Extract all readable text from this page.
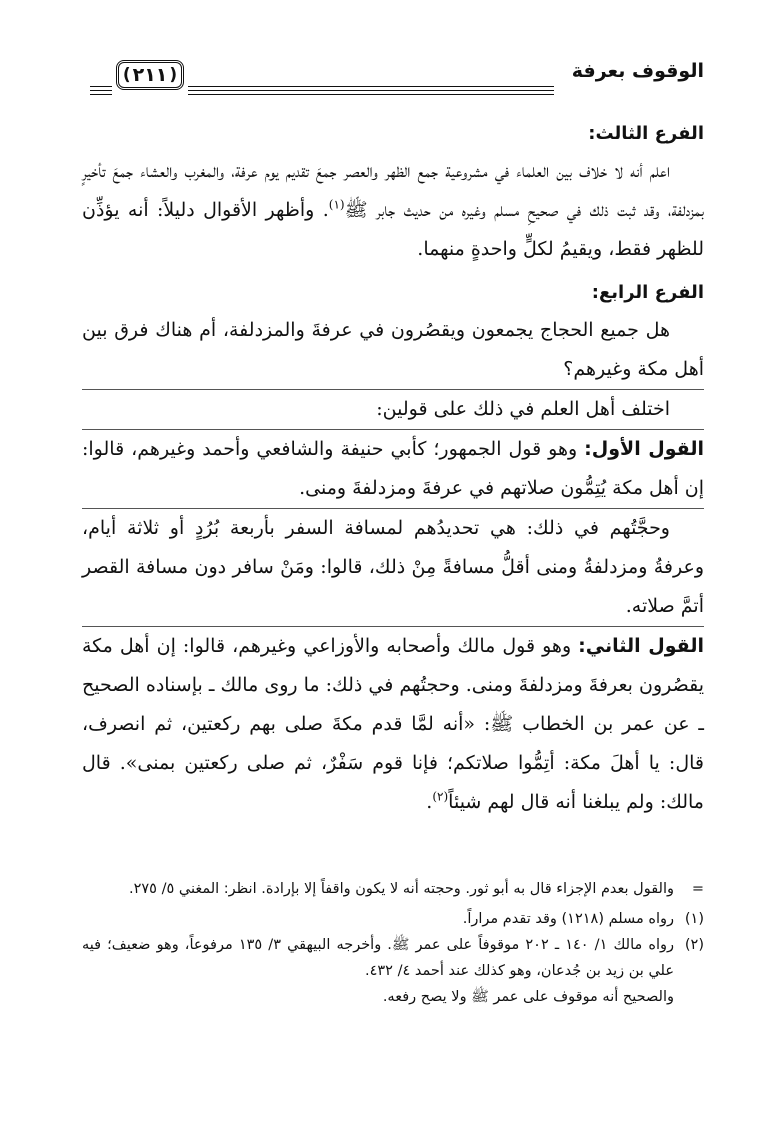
الوقوف بعرفة
(
٢١١
)

الفرع الثالث:

اعلم أنه لا خلاف بين العلماء في مشروعية جمع الظهر والعصر جمعَ تقديم يوم عرفة، والمغرب والعشاء جمعَ تأخيرٍ بمزدلفة، وقد ثبت ذلك في صحيحِ مسلم وغيره من حديث جابر ﷺ$^{(١)}$. وأظهر الأقوال دليلاً: أنه يؤذِّن للظهر فقط، ويقيمُ لكلٍّ واحدةٍ منهما.

الفرع الرابع:

هل جميع الحجاج يجمعون ويقصُرون في عرفةَ والمزدلفة، أم هناك فرق بين أهل مكة وغيرهم؟

اختلف أهل العلم في ذلك على قولين:

القول الأول: وهو قول الجمهور؛ كأبي حنيفة والشافعي وأحمد وغيرهم، قالوا: إن أهل مكة يُتِمُّون صلاتهم في عرفةَ ومزدلفةَ ومنى.

وحجَّتُهم في ذلك: هي تحديدُهم لمسافة السفر بأربعة بُرُدٍ أو ثلاثة أيام، وعرفةُ ومزدلفةُ ومنى أقلُّ مسافةً مِنْ ذلك، قالوا: ومَنْ سافر دون مسافة القصر أتمَّ صلاته.

القول الثاني: وهو قول مالك وأصحابه والأوزاعي وغيرهم، قالوا: إن أهل مكة يقصُرون بعرفةَ ومزدلفةَ ومنى. وحجتُهم في ذلك: ما روى مالك ـ بإسناده الصحيح ـ عن عمر بن الخطاب ﷺ: «أنه لمَّا قدم مكةَ صلى بهم ركعتين، ثم انصرف، قال: يا أهلَ مكة: أتِمُّوا صلاتكم؛ فإنا قوم سَفْرٌ، ثم صلى ركعتين بمنى». قال مالك: ولم يبلغنا أنه قال لهم شيئاً$^{(٢)}$.

=
والقول بعدم الإجزاء قال به أبو ثور. وحجته أنه لا يكون واقفاً إلا بإرادة. انظر: المغني ٥/ ٢٧٥.
(١)
رواه مسلم (١٢١٨) وقد تقدم مراراً.
(٢)
رواه مالك ١/ ١٤٠ ـ ٢٠٢ موقوفاً على عمر ﷺ. وأخرجه البيهقي ٣/ ١٣٥ مرفوعاً، وهو ضعيف؛ فيه علي بن زيد بن جُدعان، وهو كذلك عند أحمد ٤/ ٤٣٢.
والصحيح أنه موقوف على عمر ﷺ ولا يصح رفعه.
